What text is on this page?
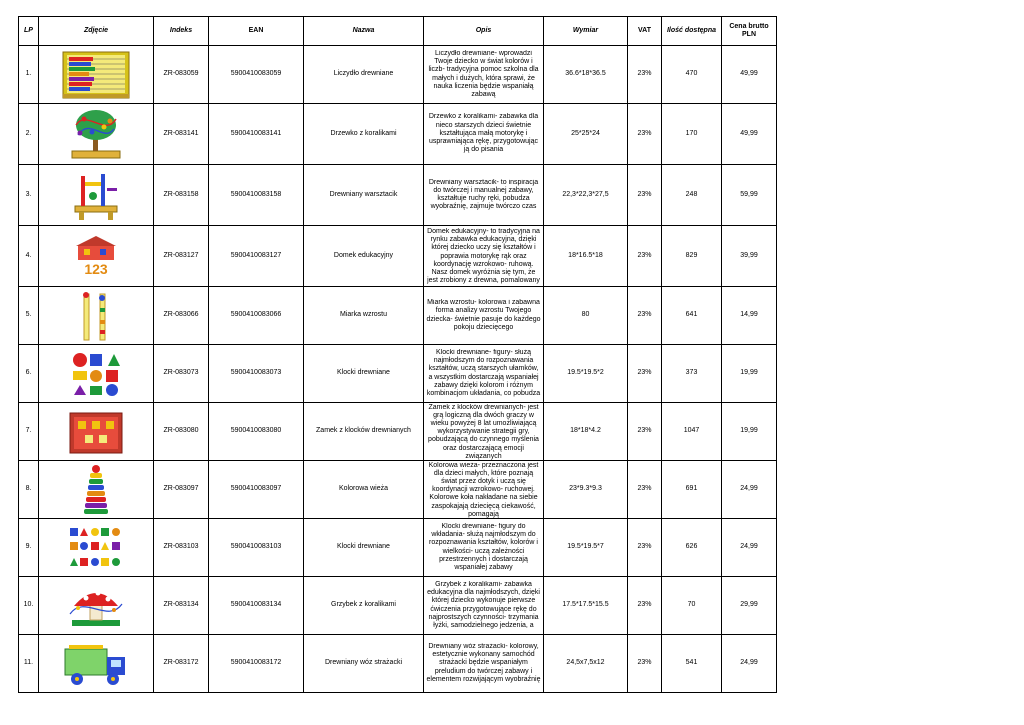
LP	Zdjęcie	Indeks	EAN	Nazwa	Opis	Wymiar	VAT	Ilość dostępna	Cena brutto PLN
1.		ZR-083059	5900410083059	Liczydło drewniane	Liczydło drewniane- wprowadzi Twoje dziecko w świat kolorów i liczb- tradycyjna pomoc szkolna dla małych i dużych, która sprawi, że nauka liczenia będzie wspaniałą zabawą	36.6*18*36.5	23%	470	49,99
2.		ZR-083141	5900410083141	Drzewko z koralikami	Drzewko z koralikami- zabawka dla nieco starszych dzieci świetnie kształtująca małą motorykę i usprawniająca rękę, przygotowując ją do pisania	25*25*24	23%	170	49,99
3.		ZR-083158	5900410083158	Drewniany warsztacik	Drewniany warsztacik- to inspiracja do twórczej i manualnej zabawy, kształtuje ruchy ręki, pobudza wyobraźnię, zajmuje twórczo czas	22,3*22,3*27,5	23%	248	59,99
4.	123	ZR-083127	5900410083127	Domek edukacyjny	Domek edukacyjny- to tradycyjna na rynku zabawka edukacyjna, dzięki której dziecko uczy się kształtów i poprawia motorykę rąk oraz koordynację wzrokowo- ruhową. Nasz domek wyróżnia się tym, że jest zrobiony z drewna, pomalowany	18*16.5*18	23%	829	39,99
5.		ZR-083066	5900410083066	Miarka wzrostu	Miarka wzrostu- kolorowa i zabawna forma analizy wzrostu Twojego dziecka- świetnie pasuje do każdego pokoju dziecięcego	80	23%	641	14,99
6.		ZR-083073	5900410083073	Klocki drewniane	Klocki drewniane- figury- służą najmłodszym do rozpoznawania kształtów, uczą starszych ułamków, a wszystkim dostarczają wspaniałej zabawy dzięki kolorom i różnym kombinacjom układania, co pobudza	19.5*19.5*2	23%	373	19,99
7.		ZR-083080	5900410083080	Zamek z klocków drewnianych	Zamek z klocków drewnianych- jest grą logiczną dla dwóch graczy w wieku powyżej 8 lat umożliwiającą wykorzystywanie strategii gry, pobudzającą do czynnego myślenia oraz dostarczającą emocji związanych	18*18*4.2	23%	1047	19,99
8.		ZR-083097	5900410083097	Kolorowa wieża	Kolorowa wieża- przeznaczona jest dla dzieci małych, które poznają świat przez dotyk i uczą się koordynacji wzrokowo- ruchowej. Kolorowe koła nakładane na siebie zaspokajają dziecięcą ciekawość, pomagają	23*9.3*9.3	23%	691	24,99
9.		ZR-083103	5900410083103	Klocki drewniane	Klocki drewniane- figury do wkładania- służą najmłodszym do rozpoznawania kształtów, kolorów i wielkości- uczą zależności przestrzennych i dostarczają wspaniałej zabawy	19.5*19.5*7	23%	626	24,99
10.		ZR-083134	5900410083134	Grzybek z koralikami	Grzybek z koralikami- zabawka edukacyjna dla najmłodszych, dzięki której dziecko wykonuje pierwsze ćwiczenia przygotowujące rękę do najprostszych czynności- trzymania łyżki, samodzielnego jedzenia, a	17.5*17.5*15.5	23%	70	29,99
11.		ZR-083172	5900410083172	Drewniany wóz strażacki	Drewniany wóz strażacki- kolorowy, estetycznie wykonany samochód strażacki będzie wspaniałym preludium do twórczej zabawy i elementem rozwijającym wyobraźnię	24,5x7,5x12	23%	541	24,99
